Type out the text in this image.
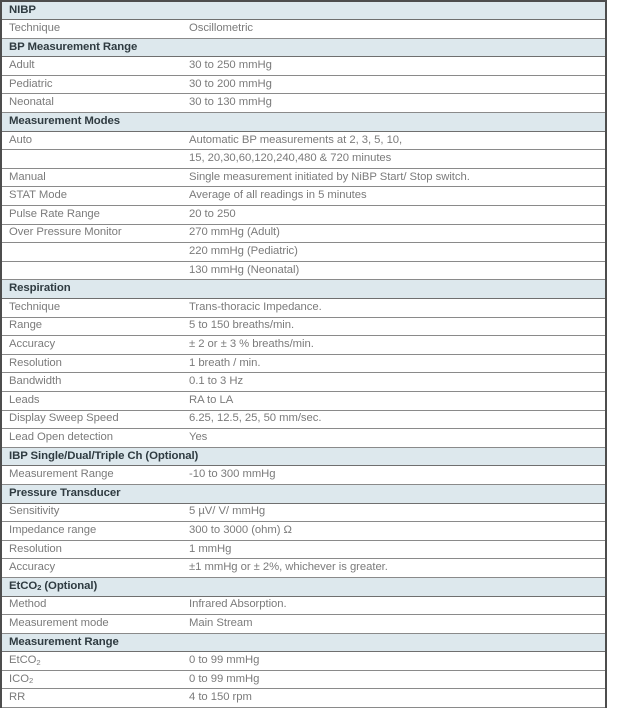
NIBP	
Technique	Oscillometric
BP Measurement Range	
Adult	30 to 250 mmHg
Pediatric	30 to 200 mmHg
Neonatal	30 to 130 mmHg
Measurement Modes	
Auto	Automatic BP measurements at 2, 3, 5, 10,
	15, 20,30,60,120,240,480 & 720 minutes
Manual	Single measurement initiated by NiBP Start/ Stop switch.
STAT Mode	Average of all readings in 5 minutes
Pulse Rate Range	20 to 250
Over Pressure Monitor	270 mmHg (Adult)
	220 mmHg (Pediatric)
	130 mmHg (Neonatal)
Respiration	
Technique	Trans-thoracic Impedance.
Range	5 to 150 breaths/min.
Accuracy	± 2 or ± 3 % breaths/min.
Resolution	1 breath / min.
Bandwidth	0.1 to 3 Hz
Leads	RA to LA
Display Sweep Speed	6.25, 12.5, 25, 50 mm/sec.
Lead Open detection	Yes
IBP Single/Dual/Triple Ch (Optional)	
Measurement Range	-10 to 300 mmHg
Pressure Transducer	
Sensitivity	5 µV/ V/ mmHg
Impedance range	300 to 3000 (ohm) Ω
Resolution	1 mmHg
Accuracy	±1 mmHg or ± 2%, whichever is greater.
EtCO$_2$ (Optional)	
Method	Infrared Absorption.
Measurement mode	Main Stream
Measurement Range	
EtCO$_2$	0 to 99 mmHg
$ICO_2$	0 to 99 mmHg
RR	4 to 150 rpm
